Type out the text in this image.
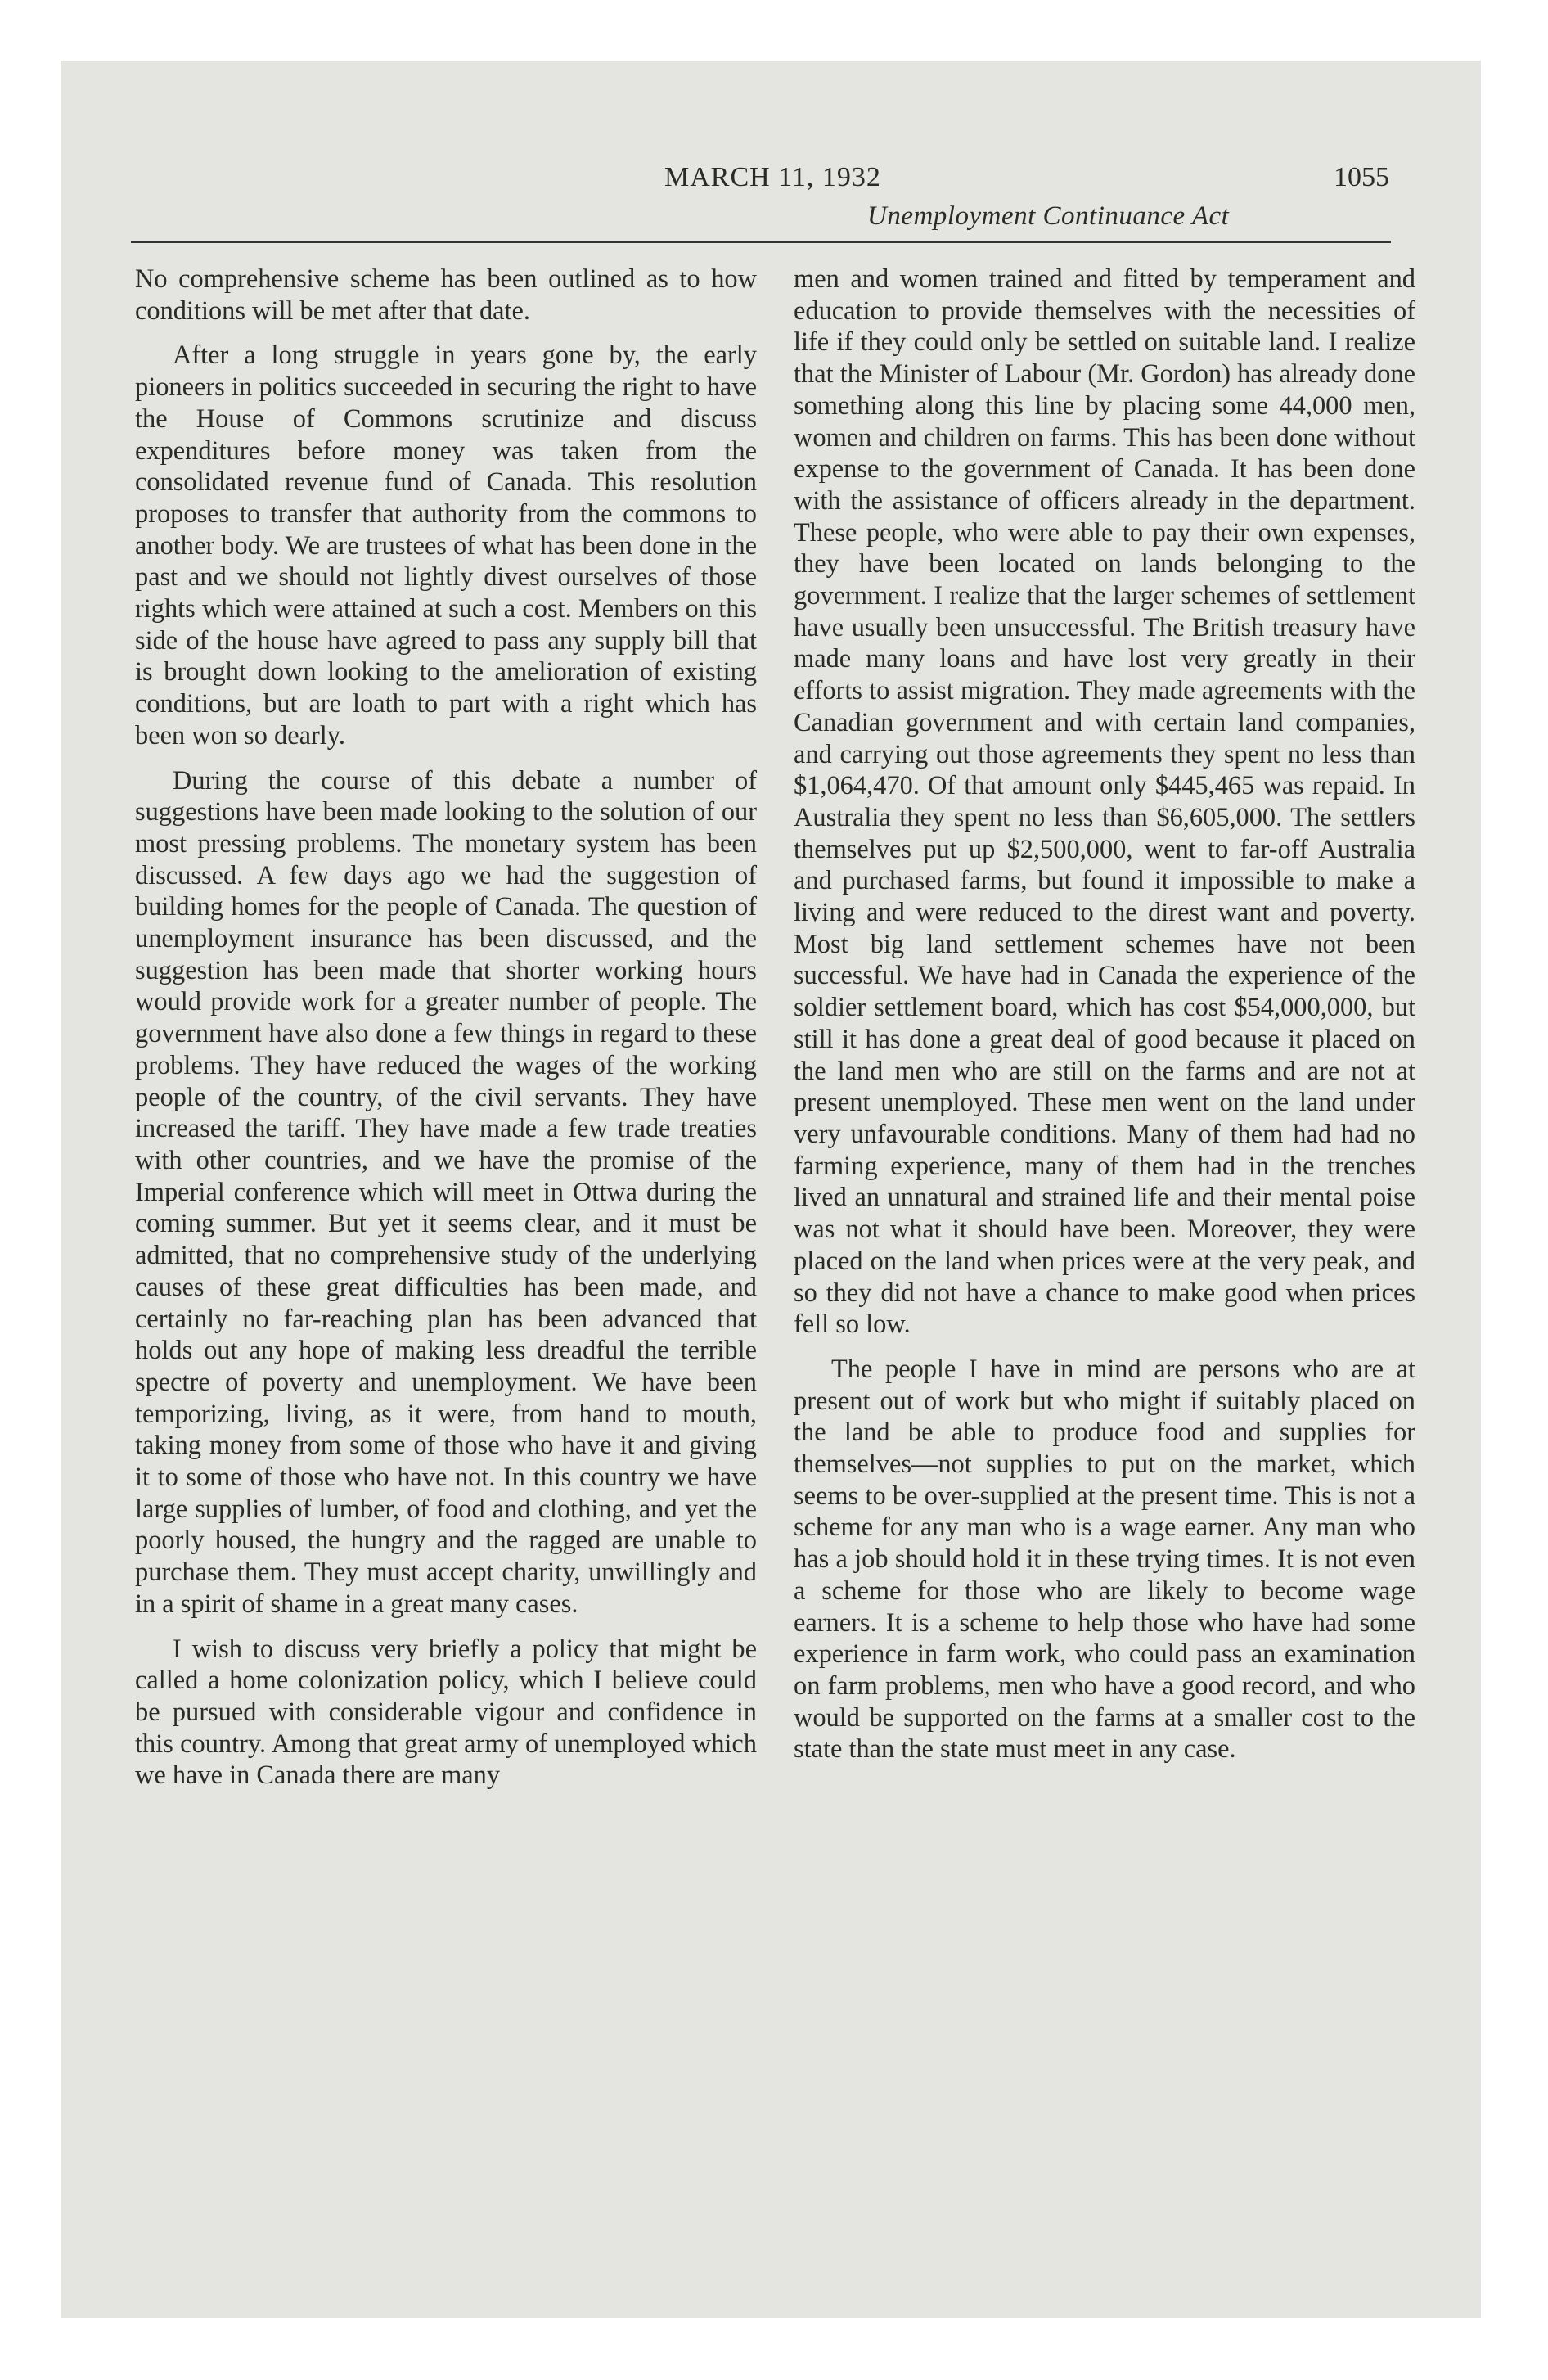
MARCH 11, 1932	1055
Unemployment Continuance Act

No comprehensive scheme has been outlined as to how conditions will be met after that date.

After a long struggle in years gone by, the early pioneers in politics succeeded in securing the right to have the House of Commons scrutinize and discuss expenditures before money was taken from the consolidated revenue fund of Canada. This resolution proposes to transfer that authority from the commons to another body. We are trustees of what has been done in the past and we should not lightly divest ourselves of those rights which were attained at such a cost. Members on this side of the house have agreed to pass any supply bill that is brought down looking to the amelioration of existing conditions, but are loath to part with a right which has been won so dearly.

During the course of this debate a number of suggestions have been made looking to the solution of our most pressing problems. The monetary system has been discussed. A few days ago we had the suggestion of building homes for the people of Canada. The question of unemployment insurance has been discussed, and the suggestion has been made that shorter working hours would provide work for a greater number of people. The government have also done a few things in regard to these problems. They have reduced the wages of the working people of the country, of the civil servants. They have increased the tariff. They have made a few trade treaties with other countries, and we have the promise of the Imperial conference which will meet in Ottwa during the coming summer. But yet it seems clear, and it must be admitted, that no comprehensive study of the underlying causes of these great difficulties has been made, and certainly no far-reaching plan has been advanced that holds out any hope of making less dreadful the terrible spectre of poverty and unemployment. We have been temporizing, living, as it were, from hand to mouth, taking money from some of those who have it and giving it to some of those who have not. In this country we have large supplies of lumber, of food and clothing, and yet the poorly housed, the hungry and the ragged are unable to purchase them. They must accept charity, unwillingly and in a spirit of shame in a great many cases.

I wish to discuss very briefly a policy that might be called a home colonization policy, which I believe could be pursued with considerable vigour and confidence in this country. Among that great army of unemployed which we have in Canada there are many

men and women trained and fitted by temperament and education to provide themselves with the necessities of life if they could only be settled on suitable land. I realize that the Minister of Labour (Mr. Gordon) has already done something along this line by placing some 44,000 men, women and children on farms. This has been done without expense to the government of Canada. It has been done with the assistance of officers already in the department. These people, who were able to pay their own expenses, they have been located on lands belonging to the government. I realize that the larger schemes of settlement have usually been unsuccessful. The British treasury have made many loans and have lost very greatly in their efforts to assist migration. They made agreements with the Canadian government and with certain land companies, and carrying out those agreements they spent no less than $1,064,470. Of that amount only $445,465 was repaid. In Australia they spent no less than $6,605,000. The settlers themselves put up $2,500,000, went to far-off Australia and purchased farms, but found it impossible to make a living and were reduced to the direst want and poverty. Most big land settlement schemes have not been successful. We have had in Canada the experience of the soldier settlement board, which has cost $54,000,000, but still it has done a great deal of good because it placed on the land men who are still on the farms and are not at present unemployed. These men went on the land under very unfavourable conditions. Many of them had had no farming experience, many of them had in the trenches lived an unnatural and strained life and their mental poise was not what it should have been. Moreover, they were placed on the land when prices were at the very peak, and so they did not have a chance to make good when prices fell so low.

The people I have in mind are persons who are at present out of work but who might if suitably placed on the land be able to produce food and supplies for themselves—not supplies to put on the market, which seems to be over-supplied at the present time. This is not a scheme for any man who is a wage earner. Any man who has a job should hold it in these trying times. It is not even a scheme for those who are likely to become wage earners. It is a scheme to help those who have had some experience in farm work, who could pass an examination on farm problems, men who have a good record, and who would be supported on the farms at a smaller cost to the state than the state must meet in any case.
